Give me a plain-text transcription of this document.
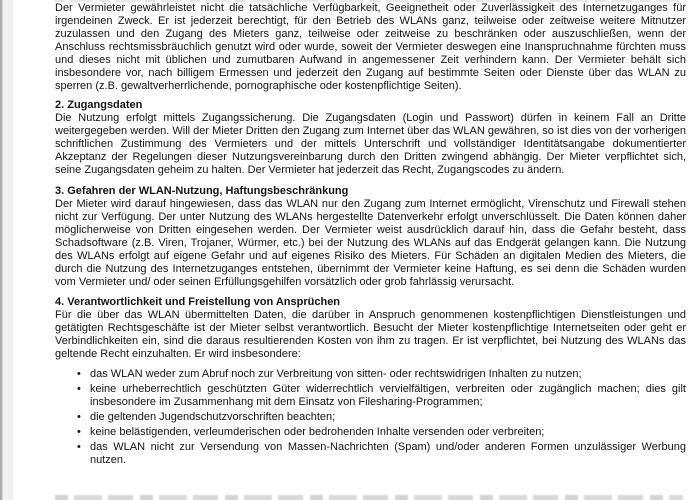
Der Vermieter gewährleistet nicht die tatsächliche Verfügbarkeit, Geeignetheit oder Zuverlässigkeit des Internetzuganges für irgendeinen Zweck. Er ist jederzeit berechtigt, für den Betrieb des WLANs ganz, teilweise oder zeitweise weitere Mitnutzer zuzulassen und den Zugang des Mieters ganz, teilweise oder zeitweise zu beschränken oder auszuschließen, wenn der Anschluss rechtsmissbräuchlich genutzt wird oder wurde, soweit der Vermieter deswegen eine Inanspruchnahme fürchten muss und dieses nicht mit üblichen und zumutbaren Aufwand in angemessener Zeit verhindern kann. Der Vermieter behält sich insbesondere vor, nach billigem Ermessen und jederzeit den Zugang auf bestimmte Seiten oder Dienste über das WLAN zu sperren (z.B. gewaltverherrlichende, pornographische oder kostenpflichtige Seiten).

2. Zugangsdaten

Die Nutzung erfolgt mittels Zugangssicherung. Die Zugangsdaten (Login und Passwort) dürfen in keinem Fall an Dritte weitergegeben werden. Will der Mieter Dritten den Zugang zum Internet über das WLAN gewähren, so ist dies von der vorherigen schriftlichen Zustimmung des Vermieters und der mittels Unterschrift und vollständiger Identitätsangabe dokumentierter Akzeptanz der Regelungen dieser Nutzungsvereinbarung durch den Dritten zwingend abhängig. Der Mieter verpflichtet sich, seine Zugangsdaten geheim zu halten. Der Vermieter hat jederzeit das Recht, Zugangscodes zu ändern.

3. Gefahren der WLAN-Nutzung, Haftungsbeschränkung

Der Mieter wird darauf hingewiesen, dass das WLAN nur den Zugang zum Internet ermöglicht, Virenschutz und Firewall stehen nicht zur Verfügung. Der unter Nutzung des WLANs hergestellte Datenverkehr erfolgt unverschlüsselt. Die Daten können daher möglicherweise von Dritten eingesehen werden. Der Vermieter weist ausdrücklich darauf hin, dass die Gefahr besteht, dass Schadsoftware (z.B. Viren, Trojaner, Würmer, etc.) bei der Nutzung des WLANs auf das Endgerät gelangen kann. Die Nutzung des WLANs erfolgt auf eigene Gefahr und auf eigenes Risiko des Mieters. Für Schäden an digitalen Medien des Mieters, die durch die Nutzung des Internetzuganges entstehen, übernimmt der Vermieter keine Haftung, es sei denn die Schäden wurden vom Vermieter und/ oder seinen Erfüllungsgehilfen vorsätzlich oder grob fahrlässig verursacht.

4. Verantwortlichkeit und Freistellung von Ansprüchen

Für die über das WLAN übermittelten Daten, die darüber in Anspruch genommenen kostenpflichtigen Dienstleistungen und getätigten Rechtsgeschäfte ist der Mieter selbst verantwortlich. Besucht der Mieter kostenpflichtige Internetseiten oder geht er Verbindlichkeiten ein, sind die daraus resultierenden Kosten von ihm zu tragen. Er ist verpflichtet, bei Nutzung des WLANs das geltende Recht einzuhalten. Er wird insbesondere:

• das WLAN weder zum Abruf noch zur Verbreitung von sitten- oder rechtswidrigen Inhalten zu nutzen;
• keine urheberrechtlich geschützten Güter widerrechtlich vervielfältigen, verbreiten oder zugänglich machen; dies gilt insbesondere im Zusammenhang mit dem Einsatz von Filesharing-Programmen;
• die geltenden Jugendschutzvorschriften beachten;
• keine belästigenden, verleumderischen oder bedrohenden Inhalte versenden oder verbreiten;
• das WLAN nicht zur Versendung von Massen-Nachrichten (Spam) und/oder anderen Formen unzulässiger Werbung nutzen.
